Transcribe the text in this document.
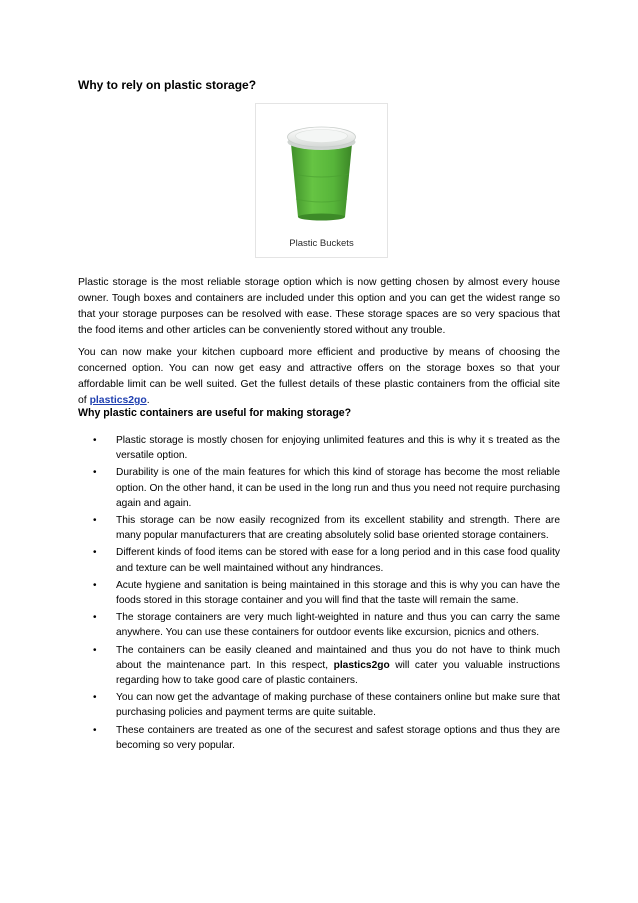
Why to rely on plastic storage?
Plastic Buckets

Plastic storage is the most reliable storage option which is now getting chosen by almost every house owner. Tough boxes and containers are included under this option and you can get the widest range so that your storage purposes can be resolved with ease. These storage spaces are so very spacious that the food items and other articles can be conveniently stored without any trouble.

You can now make your kitchen cupboard more efficient and productive by means of choosing the concerned option. You can now get easy and attractive offers on the storage boxes so that your affordable limit can be well suited. Get the fullest details of these plastic containers from the official site of plastics2go.

Why plastic containers are useful for making storage?
• Plastic storage is mostly chosen for enjoying unlimited features and this is why it s treated as the versatile option.
• Durability is one of the main features for which this kind of storage has become the most reliable option. On the other hand, it can be used in the long run and thus you need not require purchasing again and again.
• This storage can be now easily recognized from its excellent stability and strength. There are many popular manufacturers that are creating absolutely solid base oriented storage containers.
• Different kinds of food items can be stored with ease for a long period and in this case food quality and texture can be well maintained without any hindrances.
• Acute hygiene and sanitation is being maintained in this storage and this is why you can have the foods stored in this storage container and you will find that the taste will remain the same.
• The storage containers are very much light-weighted in nature and thus you can carry the same anywhere. You can use these containers for outdoor events like excursion, picnics and others.
• The containers can be easily cleaned and maintained and thus you do not have to think much about the maintenance part. In this respect, plastics2go will cater you valuable instructions regarding how to take good care of plastic containers.
• You can now get the advantage of making purchase of these containers online but make sure that purchasing policies and payment terms are quite suitable.
• These containers are treated as one of the securest and safest storage options and thus they are becoming so very popular.
